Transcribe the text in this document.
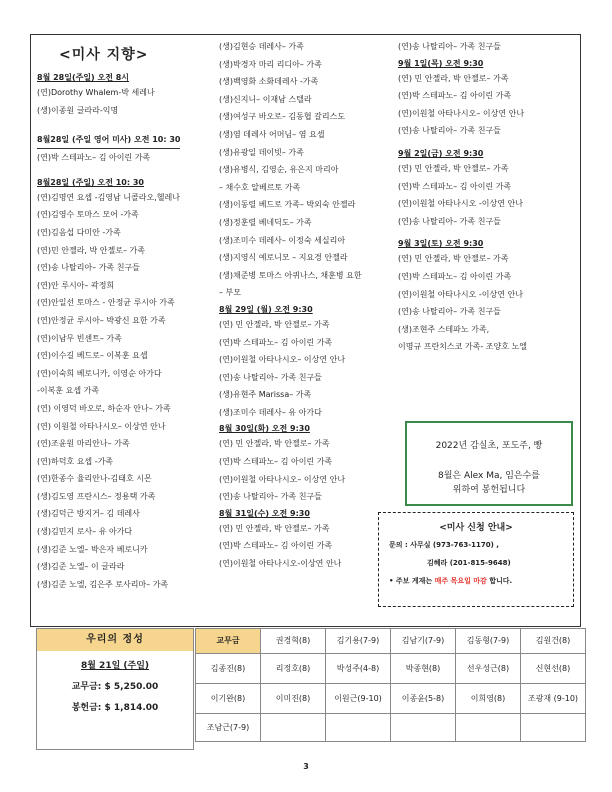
<미사 지향>
8월 28일(주일) 오전 8시
(연)Dorothy Whalem-박 세레나
(생)이종원 글라라-익명
8월28일 (주일 영어 미사) 오전 10: 30
(연)박 스테파노– 김 아이린 가족
8월28일 (주일) 오전 10: 30
(연)김명연 요셉 -김영남 니콜라오,헬레나
(연)김영수 토마스 모어 -가족
(연)김음섭 다미안 -가족
(연)민 안젤라, 박 안젤로– 가족
(연)송 나탈리아– 가족 친구들
(연)안 루시아– 곽정희
(연)안일선 토마스 - 안정균 루시아 가족
(연)안정균 루시아– 박광신 요한 가족
(연)이남무 빈센트– 가족
(연)이수길 베드로– 이복훈 요셉
(연)이숙희 베로니카, 이영순 아가다
-이복훈 요셉 가족
(연) 이영덕 바오로, 하순자 안나– 가족
(연) 이원철 아타나시오– 이상연 안나
(연)조윤원 마리안나– 가족
(연)하덕호 요셉 -가족
(연)한종수 율리안나-김태호 시몬
(생)김도영 프란시스– 정용택 가족
(생)김덕근 방지거– 김 데레사
(생)김민지 로사– 유 아가다
(생)김준 노엘– 박은자 베로니카
(생)김준 노엘– 이 글라라
(생)김준 노엘, 김은주 로사리마– 가족
(생)김현승 데레사– 가족
(생)박경자 마리 리디아– 가족
(생)백영화 소화데레사 -가족
(생)신지니– 이재남 스텔라
(생)여성구 바오로– 김동협 갈리스도
(생)염 데레사 어머님– 염 요셉
(생)유광일 데이빗– 가족
(생)유병식, 김영순, 유은지 마리아
– 채수호 알베르토 가족
(생)이동렬 베드로 가족– 박외숙 안젤라
(생)정훈렬 베네딕도– 가족
(생)조미수 데레사– 이정숙 세실리아
(생)지영식 예로니모 – 지요경 안젤라
(생)채준병 토마스 아퀴나스, 채훈병 요한
– 부모
8월 29일 (월) 오전 9:30
(연) 민 안젤라, 박 안젤로– 가족
(연)박 스테파노– 김 아이린 가족
(연)이원철 아타나시오– 이상연 안나
(연)송 나탈리아– 가족 친구들
(생)유현주 Marissa– 가족
(생)조미수 데레사– 유 아가다
8월 30일(화) 오전 9:30
(연) 민 안젤라, 박 안젤로– 가족
(연)박 스테파노– 김 아이린 가족
(연)이원철 아타나시오– 이상연 안나
(연)송 나탈리아– 가족 친구들
8월 31일(수) 오전 9:30
(연) 민 안젤라, 박 안젤로– 가족
(연)박 스테파노– 김 아이린 가족
(연)이원철 아타나시오-이상연 안나
(연)송 나탈리아– 가족 친구들
9월 1일(목) 오전 9:30
(연) 민 안젤라, 박 안젤로– 가족
(연)박 스테파노– 김 아이린 가족
(연)이원철 아타나시오– 이상연 안나
(연)송 나탈리아– 가족 친구들
9월 2일(금) 오전 9:30
(연) 민 안젤라, 박 안젤로– 가족
(연)박 스테파노– 김 아이린 가족
(연)이원철 아타나시오 -이상연 안나
(연)송 나탈리아– 가족 친구들
9월 3일(토) 오전 9:30
(연) 민 안젤라, 박 안젤로– 가족
(연)박 스테파노– 김 아이린 가족
(연)이원철 아타나시오 -이상연 안나
(연)송 나탈리아– 가족 친구들
(생)조현주 스테파노 가족,
이명규 프란치스코 가족- 조양호 노엘
2022년 감실초, 포도주, 빵
8월은 Alex Ma, 임은수를
위하여 봉헌됩니다
<미사 신청 안내>
문의 : 사무실 (973-763-1170) ,
김혜라 (201-815-9648)
• 주보 게재는 매주 목요일 마감 합니다.
우리의 정성
8월 21일 (주일)
교무금: $ 5,250.00
봉헌금: $ 1,814.00
교무금	권경혁(8)	김기용(7-9)	김남기(7-9)	김동형(7-9)	김원건(8)
김종진(8)	리정호(8)	박성주(4-8)	박종현(8)	선우성근(8)	신현선(8)
이기완(8)	이미진(8)	이원근(9-10)	이종윤(5-8)	이희영(8)	조광재 (9-10)
조남근(7-9)					
3
